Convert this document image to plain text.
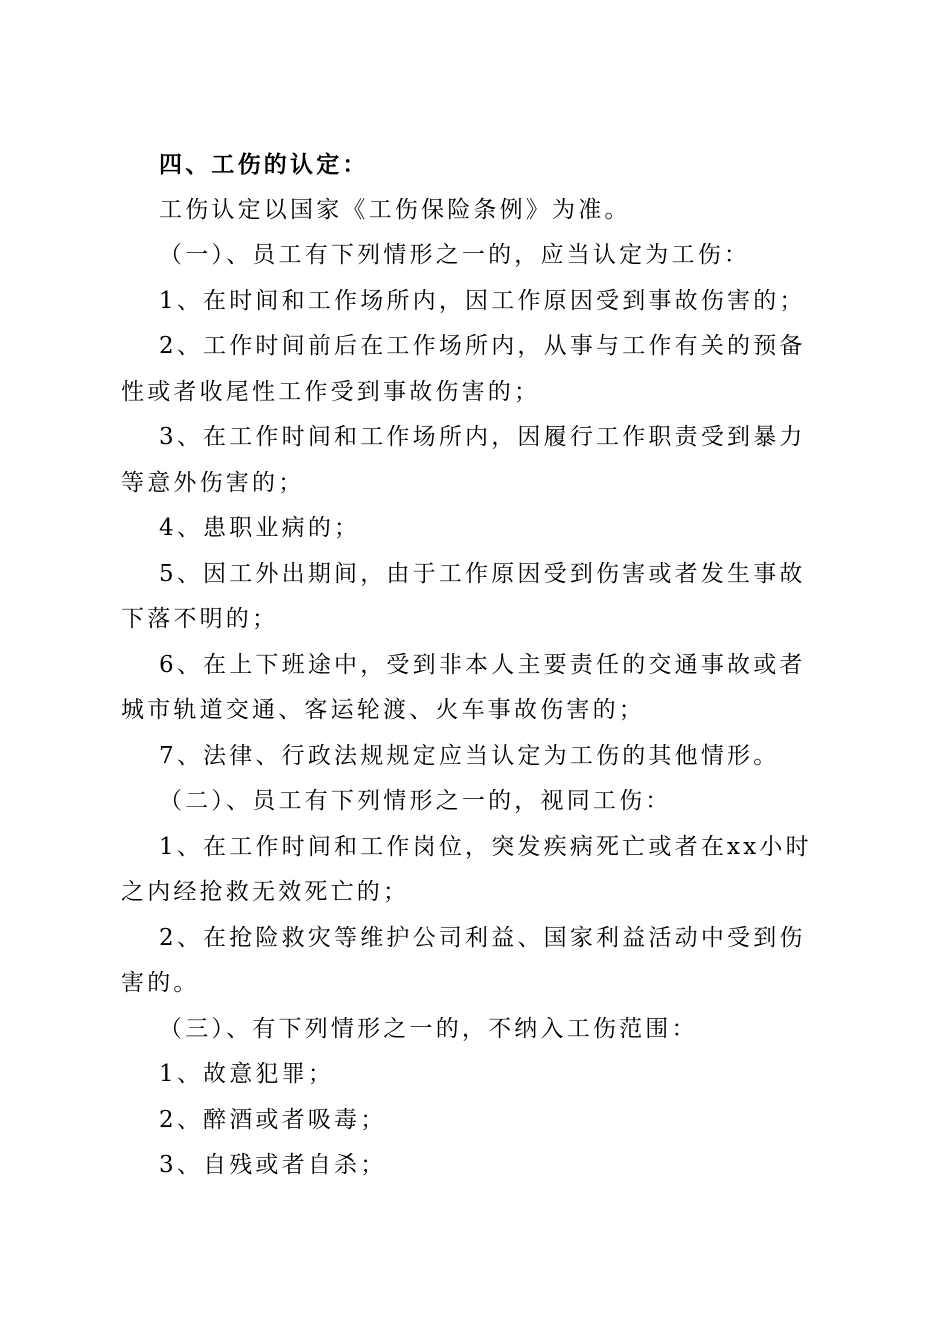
四、工伤的认定：

工伤认定以国家《工伤保险条例》为准。

（一）、员工有下列情形之一的，应当认定为工伤：

1、在时间和工作场所内，因工作原因受到事故伤害的；

2、工作时间前后在工作场所内，从事与工作有关的预备性或者收尾性工作受到事故伤害的；

3、在工作时间和工作场所内，因履行工作职责受到暴力等意外伤害的；

4、患职业病的；

5、因工外出期间，由于工作原因受到伤害或者发生事故下落不明的；

6、在上下班途中，受到非本人主要责任的交通事故或者城市轨道交通、客运轮渡、火车事故伤害的；

7、法律、行政法规规定应当认定为工伤的其他情形。

（二）、员工有下列情形之一的，视同工伤：

1、在工作时间和工作岗位，突发疾病死亡或者在xx小时之内经抢救无效死亡的；

2、在抢险救灾等维护公司利益、国家利益活动中受到伤害的。

（三）、有下列情形之一的，不纳入工伤范围：

1、故意犯罪；

2、醉酒或者吸毒；

3、自残或者自杀；
